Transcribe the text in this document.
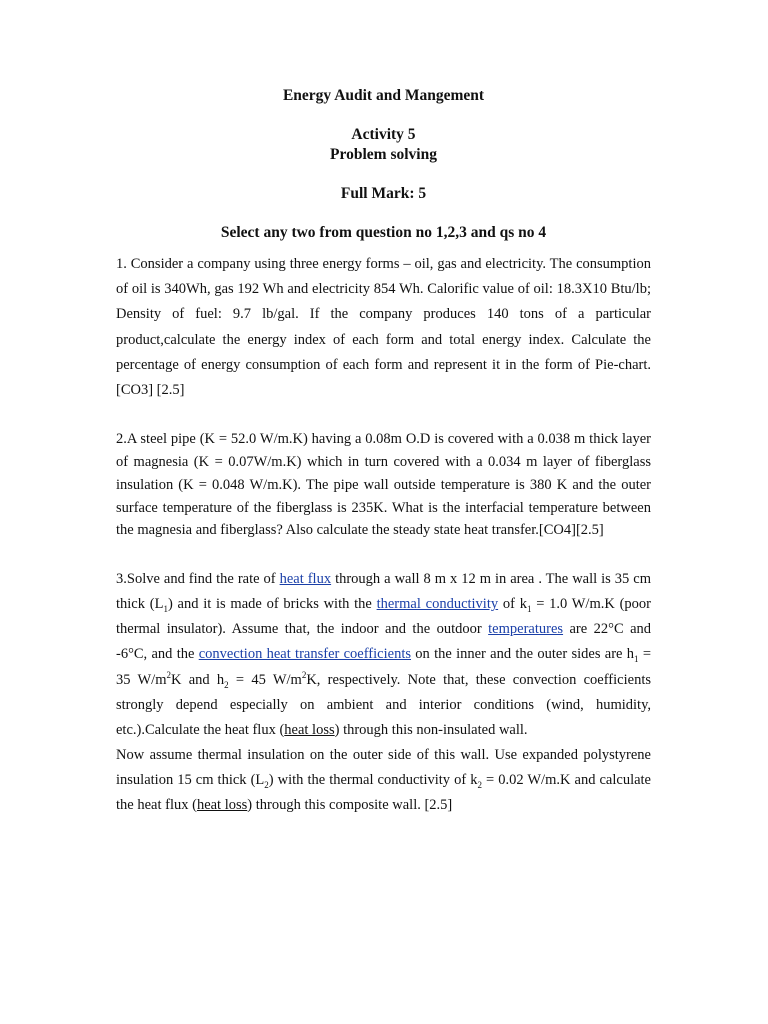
Energy Audit and Mangement
Activity 5
Problem solving
Full Mark: 5
Select any two from question no 1,2,3 and qs no 4

1. Consider a company using three energy forms – oil, gas and electricity. The consumption of oil is 340Wh, gas 192 Wh and electricity 854 Wh. Calorific value of oil: 18.3X10 Btu/lb; Density of fuel: 9.7 lb/gal. If the company produces 140 tons of a particular product,calculate the energy index of each form and total energy index. Calculate the percentage of energy consumption of each form and represent it in the form of Pie-chart. [CO3] [2.5]

2.A steel pipe (K = 52.0 W/m.K) having a 0.08m O.D is covered with a 0.038 m thick layer of magnesia (K = 0.07W/m.K) which in turn covered with a 0.034 m layer of fiberglass insulation (K = 0.048 W/m.K). The pipe wall outside temperature is 380 K and the outer surface temperature of the fiberglass is 235K. What is the interfacial temperature between the magnesia and fiberglass? Also calculate the steady state heat transfer.[CO4][2.5]

3.Solve and find the rate of heat flux through a wall 8 m x 12 m in area . The wall is 35 cm thick $(L_1)$ and it is made of bricks with the thermal conductivity of $k_1 = 1.0$ W/m.K (poor thermal insulator). Assume that, the indoor and the outdoor temperatures are 22°C and -6°C, and the convection heat transfer coefficients on the inner and the outer sides are $h_1 = 35$ $W/m^2K$ and $h_2 = 45$ $W/m^2K$, respectively. Note that, these convection coefficients strongly depend especially on ambient and interior conditions (wind, humidity, etc.).Calculate the heat flux (heat loss) through this non-insulated wall.

Now assume thermal insulation on the outer side of this wall. Use expanded polystyrene insulation 15 cm thick $(L_2)$ with the thermal conductivity of $k_2 = 0.02$ W/m.K and calculate the heat flux (heat loss) through this composite wall. [2.5]
